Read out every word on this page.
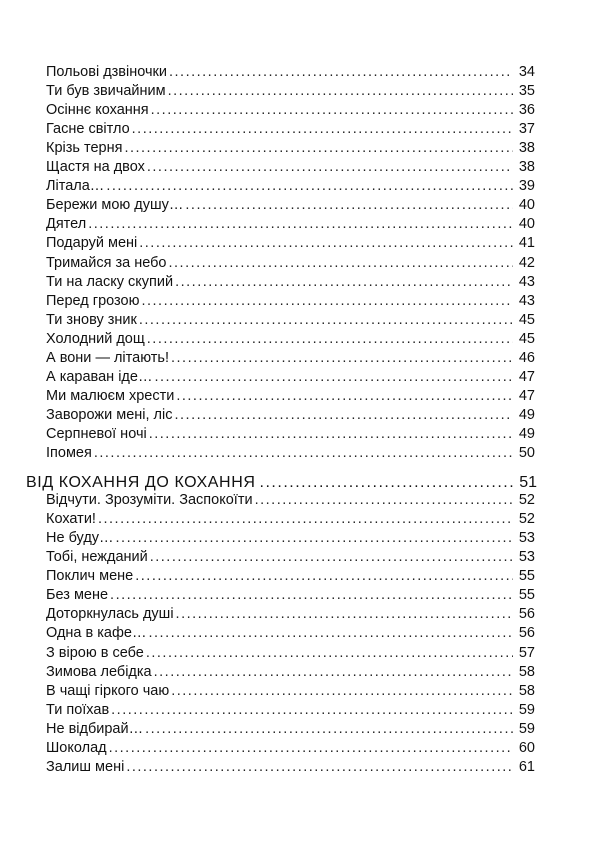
Польові дзвіночки .....	34
Ти був звичайним .....	35
Осіннє кохання .....	36
Гасне світло .....	37
Крізь терня .....	38
Щастя на двох .....	38
Літала… .....	39
Бережи мою душу… .....	40
Дятел .....	40
Подаруй мені .....	41
Тримайся за небо .....	42
Ти на ласку скупий .....	43
Перед грозою .....	43
Ти знову зник .....	45
Холодний дощ .....	45
А вони — літають! .....	46
А караван іде… .....	47
Ми малюєм хрести .....	47
Заворожи мені, ліс .....	49
Серпневої ночі .....	49
Іпомея .....	50
ВІД КОХАННЯ ДО КОХАННЯ .....	51
Відчути. Зрозуміти. Заспокоїти .....	52
Кохати! .....	52
Не буду… .....	53
Тобі, нежданий .....	53
Поклич мене .....	55
Без мене .....	55
Доторкнулась душі .....	56
Одна в кафе… .....	56
З вірою в себе .....	57
Зимова лебідка .....	58
В чащі гіркого чаю .....	58
Ти поїхав .....	59
Не відбирай… .....	59
Шоколад .....	60
Залиш мені .....	61
